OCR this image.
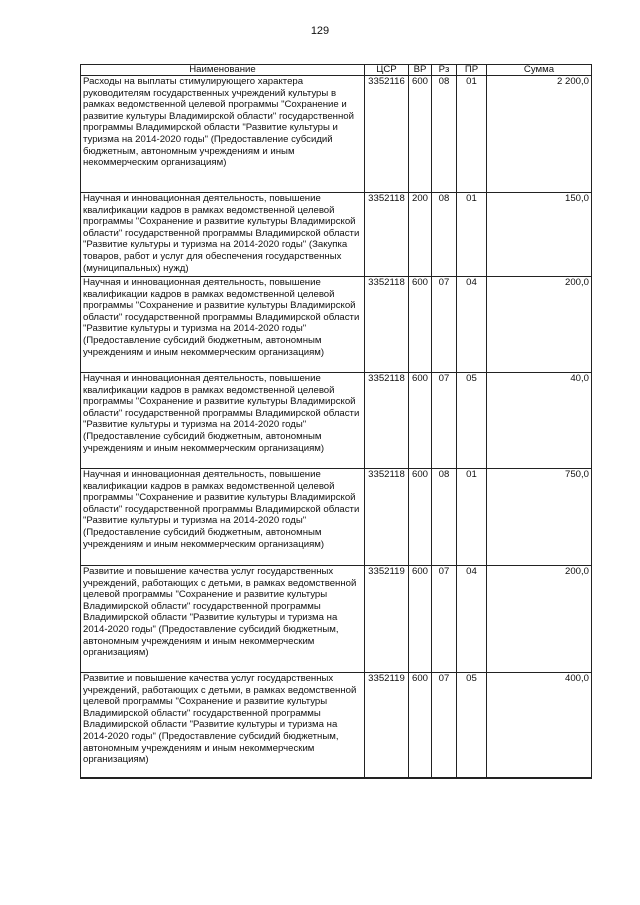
129
Наименование	ЦСР	ВР	Рз	ПР	Сумма
Расходы на выплаты стимулирующего характера руководителям государственных учреждений культуры в рамках ведомственной целевой программы "Сохранение и развитие культуры Владимирской области" государственной программы Владимирской области "Развитие культуры и туризма на 2014-2020 годы" (Предоставление субсидий бюджетным, автономным учреждениям и иным некоммерческим организациям)	3352116	600	08	01	2 200,0
Научная и инновационная деятельность, повышение квалификации кадров в рамках ведомственной целевой программы "Сохранение и развитие культуры Владимирской области" государственной программы Владимирской области "Развитие культуры и туризма на 2014-2020 годы" (Закупка товаров, работ и услуг для обеспечения государственных (муниципальных) нужд)	3352118	200	08	01	150,0
Научная и инновационная деятельность, повышение квалификации кадров в рамках ведомственной целевой программы "Сохранение и развитие культуры Владимирской области" государственной программы Владимирской области "Развитие культуры и туризма на 2014-2020 годы" (Предоставление субсидий бюджетным, автономным учреждениям и иным некоммерческим организациям)	3352118	600	07	04	200,0
Научная и инновационная деятельность, повышение квалификации кадров в рамках ведомственной целевой программы "Сохранение и развитие культуры Владимирской области" государственной программы Владимирской области "Развитие культуры и туризма на 2014-2020 годы" (Предоставление субсидий бюджетным, автономным учреждениям и иным некоммерческим организациям)	3352118	600	07	05	40,0
Научная и инновационная деятельность, повышение квалификации кадров в рамках ведомственной целевой программы "Сохранение и развитие культуры Владимирской области" государственной программы Владимирской области "Развитие культуры и туризма на 2014-2020 годы" (Предоставление субсидий бюджетным, автономным учреждениям и иным некоммерческим организациям)	3352118	600	08	01	750,0
Развитие и повышение качества услуг государственных учреждений, работающих с детьми, в рамках ведомственной целевой программы "Сохранение и развитие культуры Владимирской области" государственной программы Владимирской области "Развитие культуры и туризма на 2014-2020 годы" (Предоставление субсидий бюджетным, автономным учреждениям и иным некоммерческим организациям)	3352119	600	07	04	200,0
Развитие и повышение качества услуг государственных учреждений, работающих с детьми, в рамках ведомственной целевой программы "Сохранение и развитие культуры Владимирской области" государственной программы Владимирской области "Развитие культуры и туризма на 2014-2020 годы" (Предоставление субсидий бюджетным, автономным учреждениям и иным некоммерческим организациям)	3352119	600	07	05	400,0
